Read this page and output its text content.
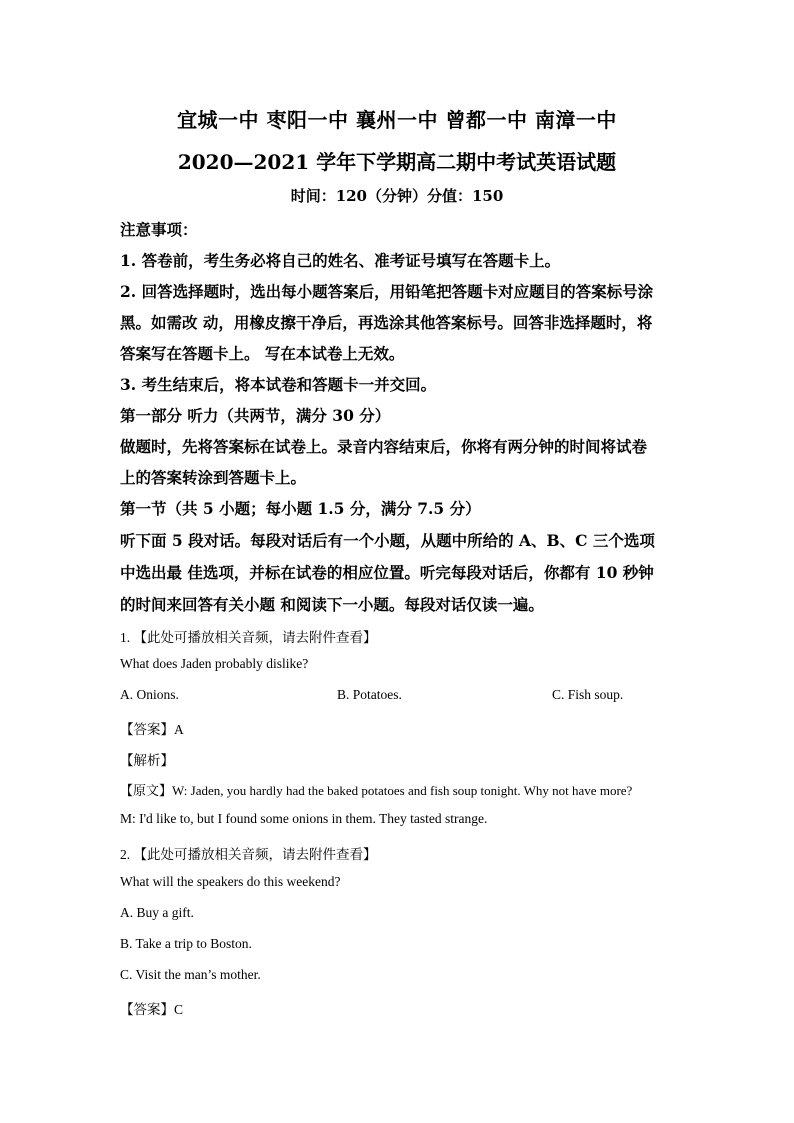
宜城一中 枣阳一中 襄州一中 曾都一中 南漳一中
2020—2021 学年下学期高二期中考试英语试题
时间：120（分钟）分值：150
注意事项：
1. 答卷前，考生务必将自己的姓名、准考证号填写在答题卡上。
2. 回答选择题时，选出每小题答案后，用铅笔把答题卡对应题目的答案标号涂
黑。如需改 动，用橡皮擦干净后，再选涂其他答案标号。回答非选择题时，将
答案写在答题卡上。 写在本试卷上无效。
3. 考生结束后，将本试卷和答题卡一并交回。
第一部分 听力（共两节，满分 30 分）
做题时，先将答案标在试卷上。录音内容结束后，你将有两分钟的时间将试卷
上的答案转涂到答题卡上。
第一节（共 5 小题；每小题 1.5 分，满分 7.5 分）
听下面 5 段对话。每段对话后有一个小题，从题中所给的 A、B、C 三个选项
中选出最 佳选项，并标在试卷的相应位置。听完每段对话后，你都有 10 秒钟
的时间来回答有关小题 和阅读下一小题。每段对话仅读一遍。
1. 【此处可播放相关音频，请去附件查看】
What does Jaden probably dislike?
A. Onions.	B. Potatoes.	C. Fish soup.
【答案】A
【解析】
【原文】W: Jaden, you hardly had the baked potatoes and fish soup tonight. Why not have more?
M: I'd like to, but I found some onions in them. They tasted strange.
2. 【此处可播放相关音频，请去附件查看】
What will the speakers do this weekend?
A. Buy a gift.
B. Take a trip to Boston.
C. Visit the man’s mother.
【答案】C
